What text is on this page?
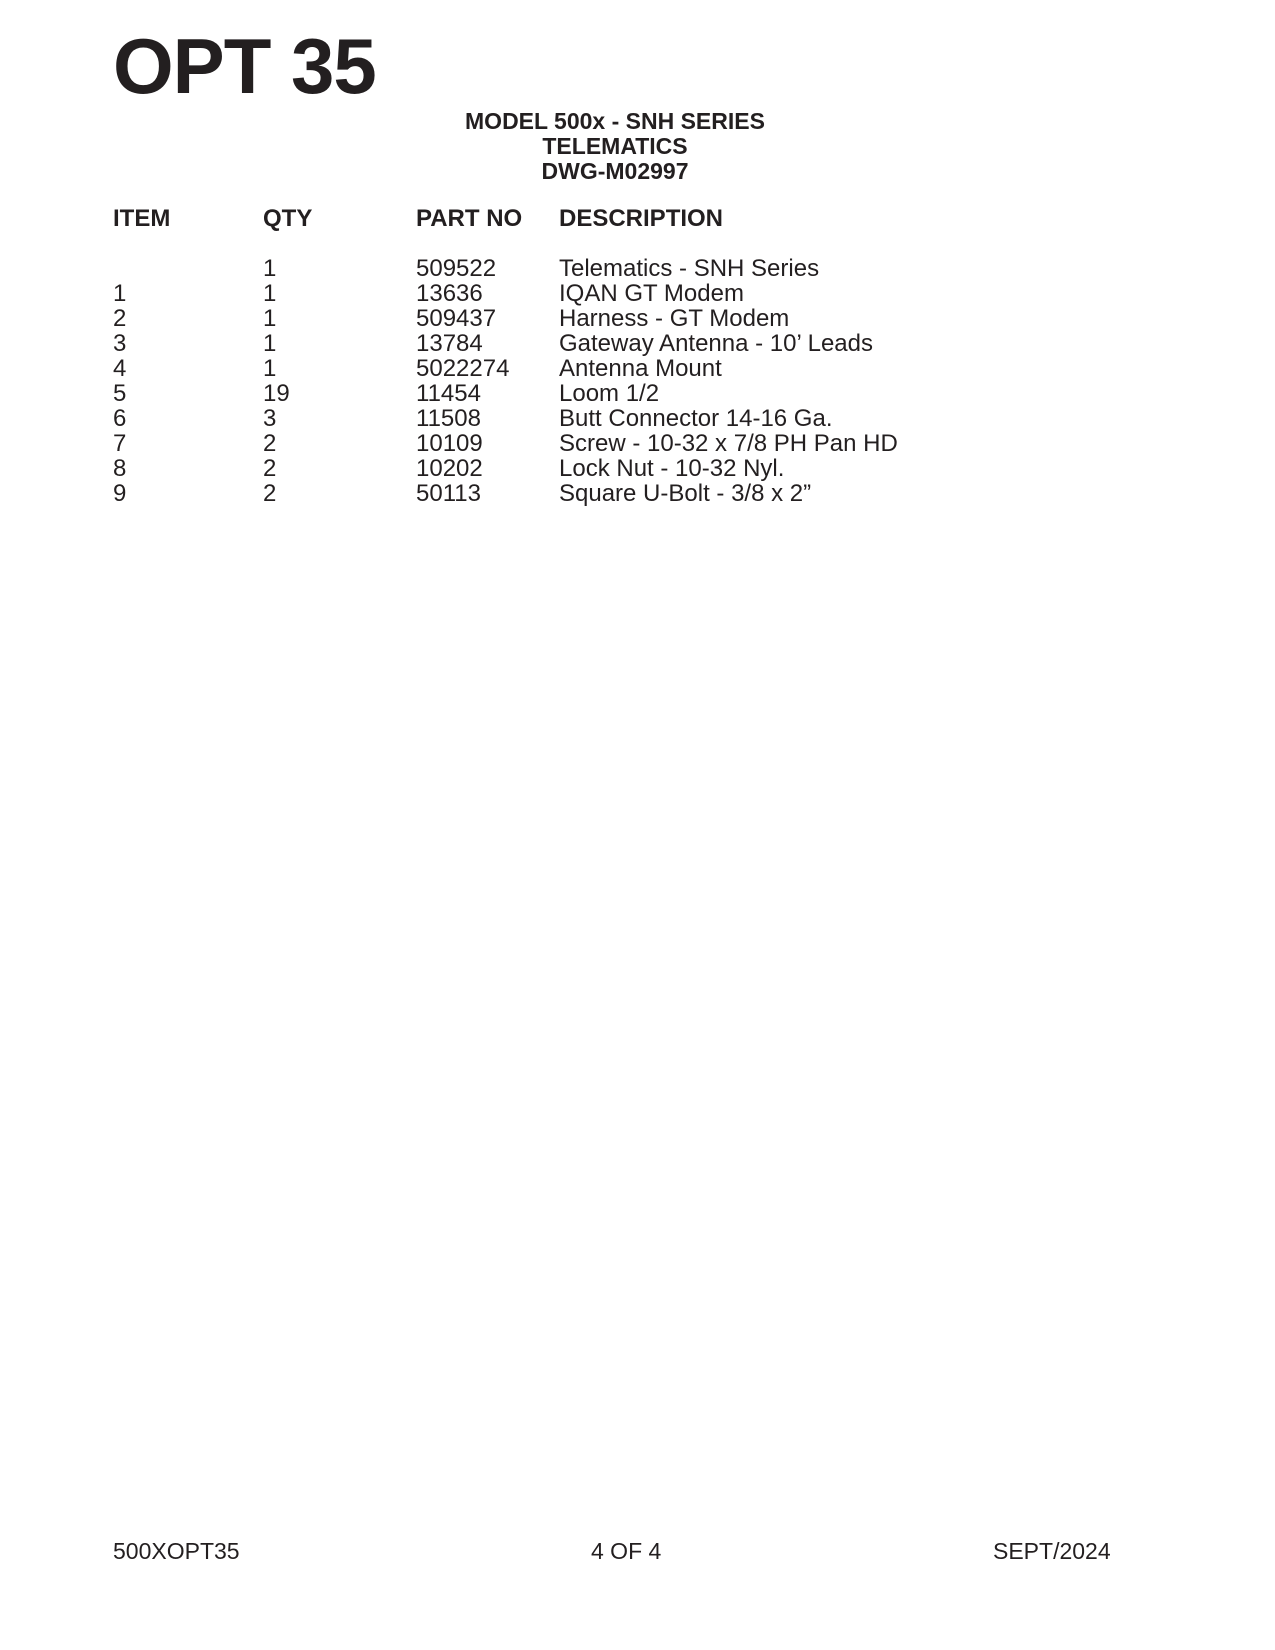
OPT 35
MODEL 500x - SNH SERIES
TELEMATICS
DWG-M02997
ITEM	QTY	PART NO	DESCRIPTION

	1	509522	Telematics - SNH Series
1	1	13636	IQAN GT Modem
2	1	509437	Harness - GT Modem
3	1	13784	Gateway Antenna - 10’ Leads
4	1	5022274	Antenna Mount
5	19	11454	Loom 1/2
6	3	11508	Butt Connector 14-16 Ga.
7	2	10109	Screw - 10-32 x 7/8 PH Pan HD
8	2	10202	Lock Nut - 10-32 Nyl.
9	2	50113	Square U-Bolt - 3/8 x 2”
500XOPT35	4 OF 4	SEPT/2024
